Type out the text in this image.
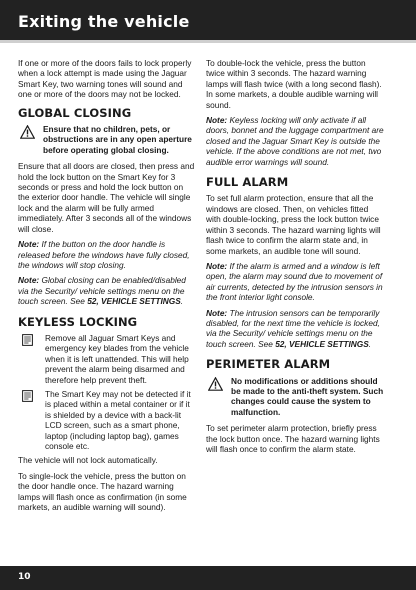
Exiting the vehicle

If one or more of the doors fails to lock properly when a lock attempt is made using the Jaguar Smart Key, two warning tones will sound and one or more of the doors may not be locked.

GLOBAL CLOSING
Ensure that no children, pets, or obstructions are in any open aperture before operating global closing.

Ensure that all doors are closed, then press and hold the lock button on the Smart Key for 3 seconds or press and hold the lock button on the exterior door handle. The vehicle will single lock and the alarm will be fully armed immediately. After 3 seconds all of the windows will close.

Note: If the button on the door handle is released before the windows have fully closed, the windows will stop closing.

Note: Global closing can be enabled/disabled via the Security/ vehicle settings menu on the touch screen. See 52, VEHICLE SETTINGS.

KEYLESS LOCKING
Remove all Jaguar Smart Keys and emergency key blades from the vehicle when it is left unattended. This will help prevent the alarm being disarmed and therefore help prevent theft.
The Smart Key may not be detected if it is placed within a metal container or if it is shielded by a device with a back-lit LCD screen, such as a smart phone, laptop (including laptop bag), games console etc.

The vehicle will not lock automatically.

To single-lock the vehicle, press the button on the door handle once. The hazard warning lamps will flash once as confirmation (in some markets, an audible warning will sound).

To double-lock the vehicle, press the button twice within 3 seconds. The hazard warning lamps will flash twice (with a long second flash). In some markets, a double audible warning will sound.

Note: Keyless locking will only activate if all doors, bonnet and the luggage compartment are closed and the Jaguar Smart Key is outside the vehicle. If the above conditions are not met, two audible error warnings will sound.

FULL ALARM

To set full alarm protection, ensure that all the windows are closed. Then, on vehicles fitted with double-locking, press the lock button twice within 3 seconds. The hazard warning lights will flash twice to confirm the alarm state and, in some markets, an audible tone will sound.

Note: If the alarm is armed and a window is left open, the alarm may sound due to movement of air currents, detected by the intrusion sensors in the front interior light console.

Note: The intrusion sensors can be temporarily disabled, for the next time the vehicle is locked, via the Security/ vehicle settings menu on the touch screen. See 52, VEHICLE SETTINGS.

PERIMETER ALARM
No modifications or additions should be made to the anti-theft system. Such changes could cause the system to malfunction.

To set perimeter alarm protection, briefly press the lock button once. The hazard warning lights will flash once to confirm the alarm state.

10
